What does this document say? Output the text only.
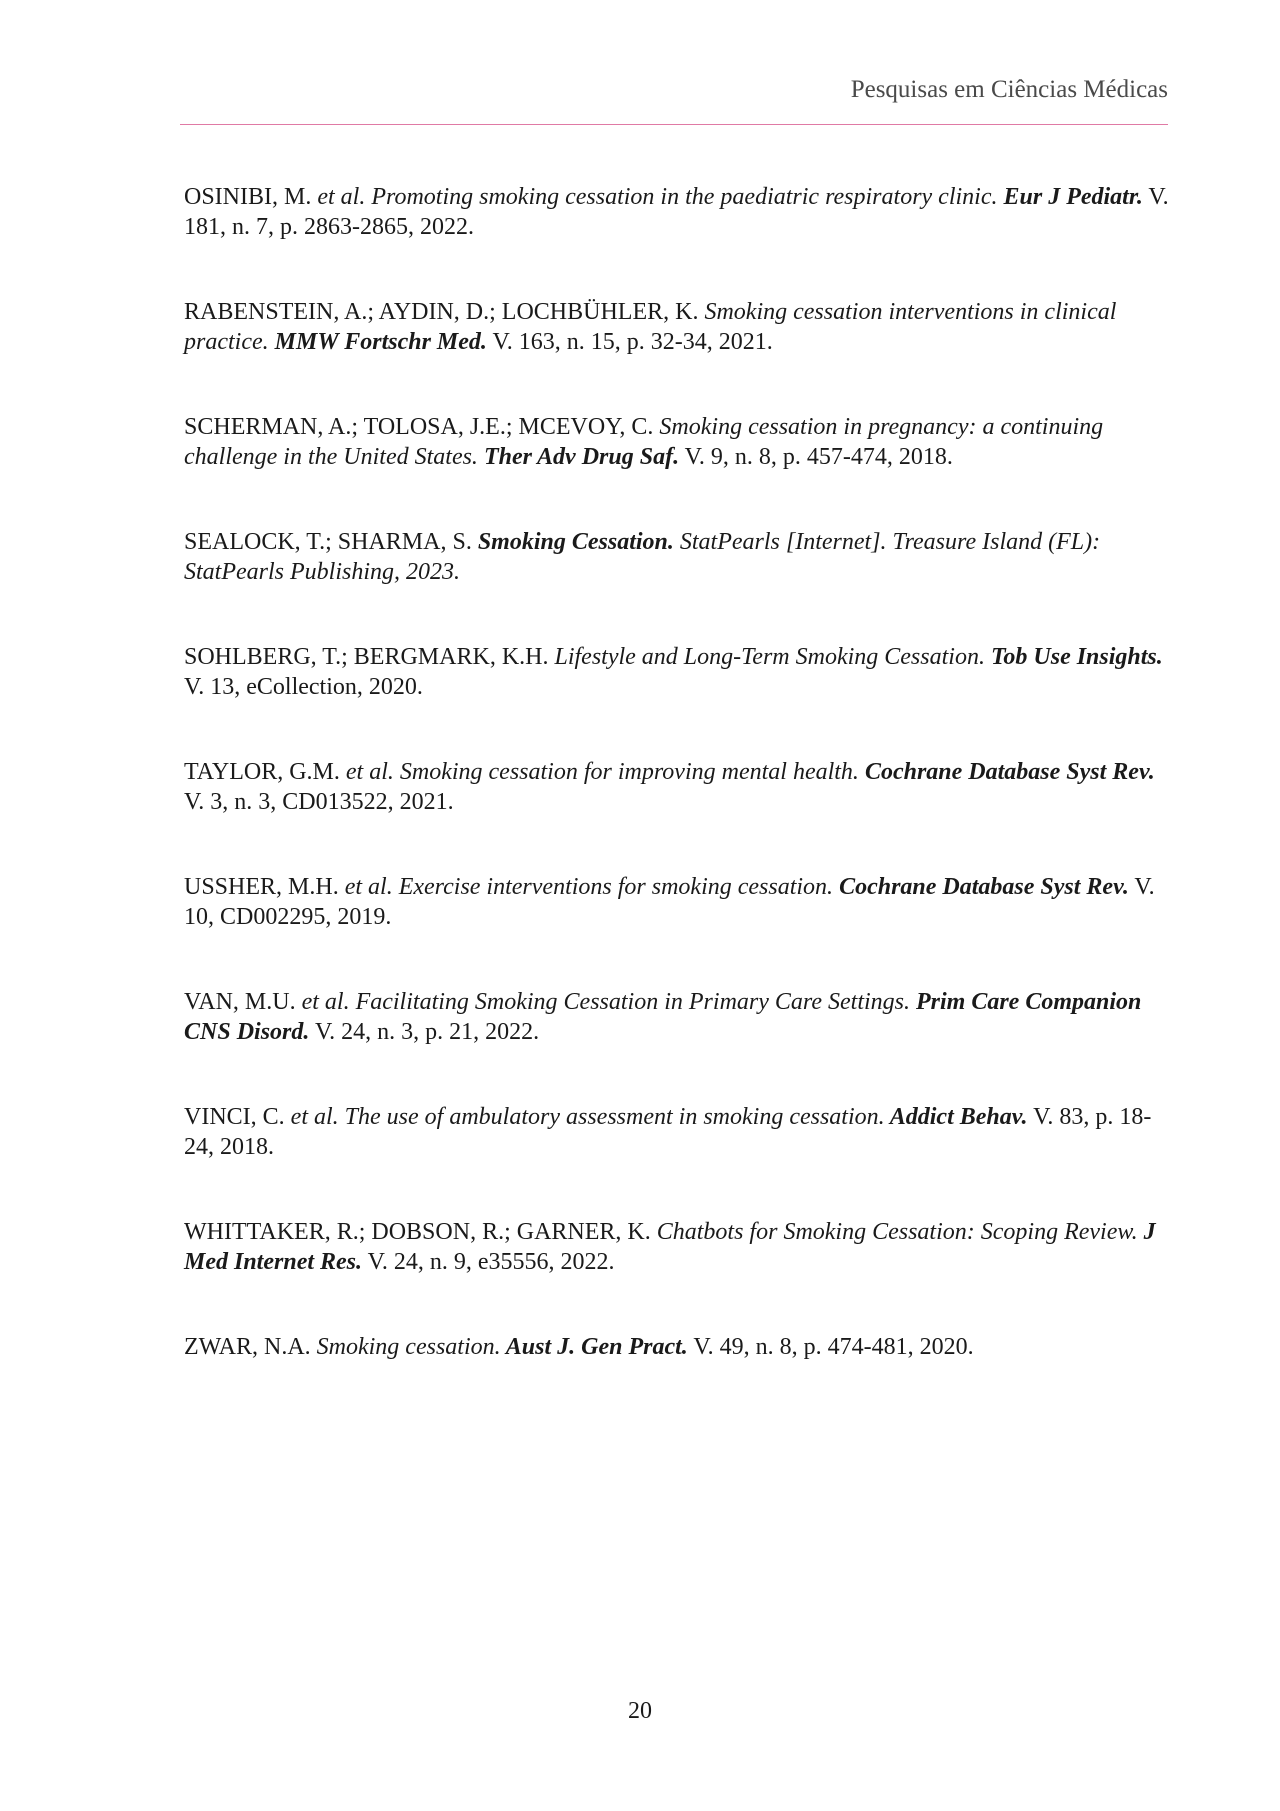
Pesquisas em Ciências Médicas

OSINIBI, M. et al. Promoting smoking cessation in the paediatric respiratory clinic. Eur J Pediatr. V. 181, n. 7, p. 2863-2865, 2022.

RABENSTEIN, A.; AYDIN, D.; LOCHBÜHLER, K. Smoking cessation interventions in clinical practice. MMW Fortschr Med. V. 163, n. 15, p. 32-34, 2021.

SCHERMAN, A.; TOLOSA, J.E.; MCEVOY, C. Smoking cessation in pregnancy: a continuing challenge in the United States. Ther Adv Drug Saf. V. 9, n. 8, p. 457-474, 2018.

SEALOCK, T.; SHARMA, S. Smoking Cessation. StatPearls [Internet]. Treasure Island (FL): StatPearls Publishing, 2023.

SOHLBERG, T.; BERGMARK, K.H. Lifestyle and Long-Term Smoking Cessation. Tob Use Insights. V. 13, eCollection, 2020.

TAYLOR, G.M. et al. Smoking cessation for improving mental health. Cochrane Database Syst Rev. V. 3, n. 3, CD013522, 2021.

USSHER, M.H. et al. Exercise interventions for smoking cessation. Cochrane Database Syst Rev. V. 10, CD002295, 2019.

VAN, M.U. et al. Facilitating Smoking Cessation in Primary Care Settings. Prim Care Companion CNS Disord. V. 24, n. 3, p. 21, 2022.

VINCI, C. et al. The use of ambulatory assessment in smoking cessation. Addict Behav. V. 83, p. 18-24, 2018.

WHITTAKER, R.; DOBSON, R.; GARNER, K. Chatbots for Smoking Cessation: Scoping Review. J Med Internet Res. V. 24, n. 9, e35556, 2022.

ZWAR, N.A. Smoking cessation. Aust J. Gen Pract. V. 49, n. 8, p. 474-481, 2020.

20
